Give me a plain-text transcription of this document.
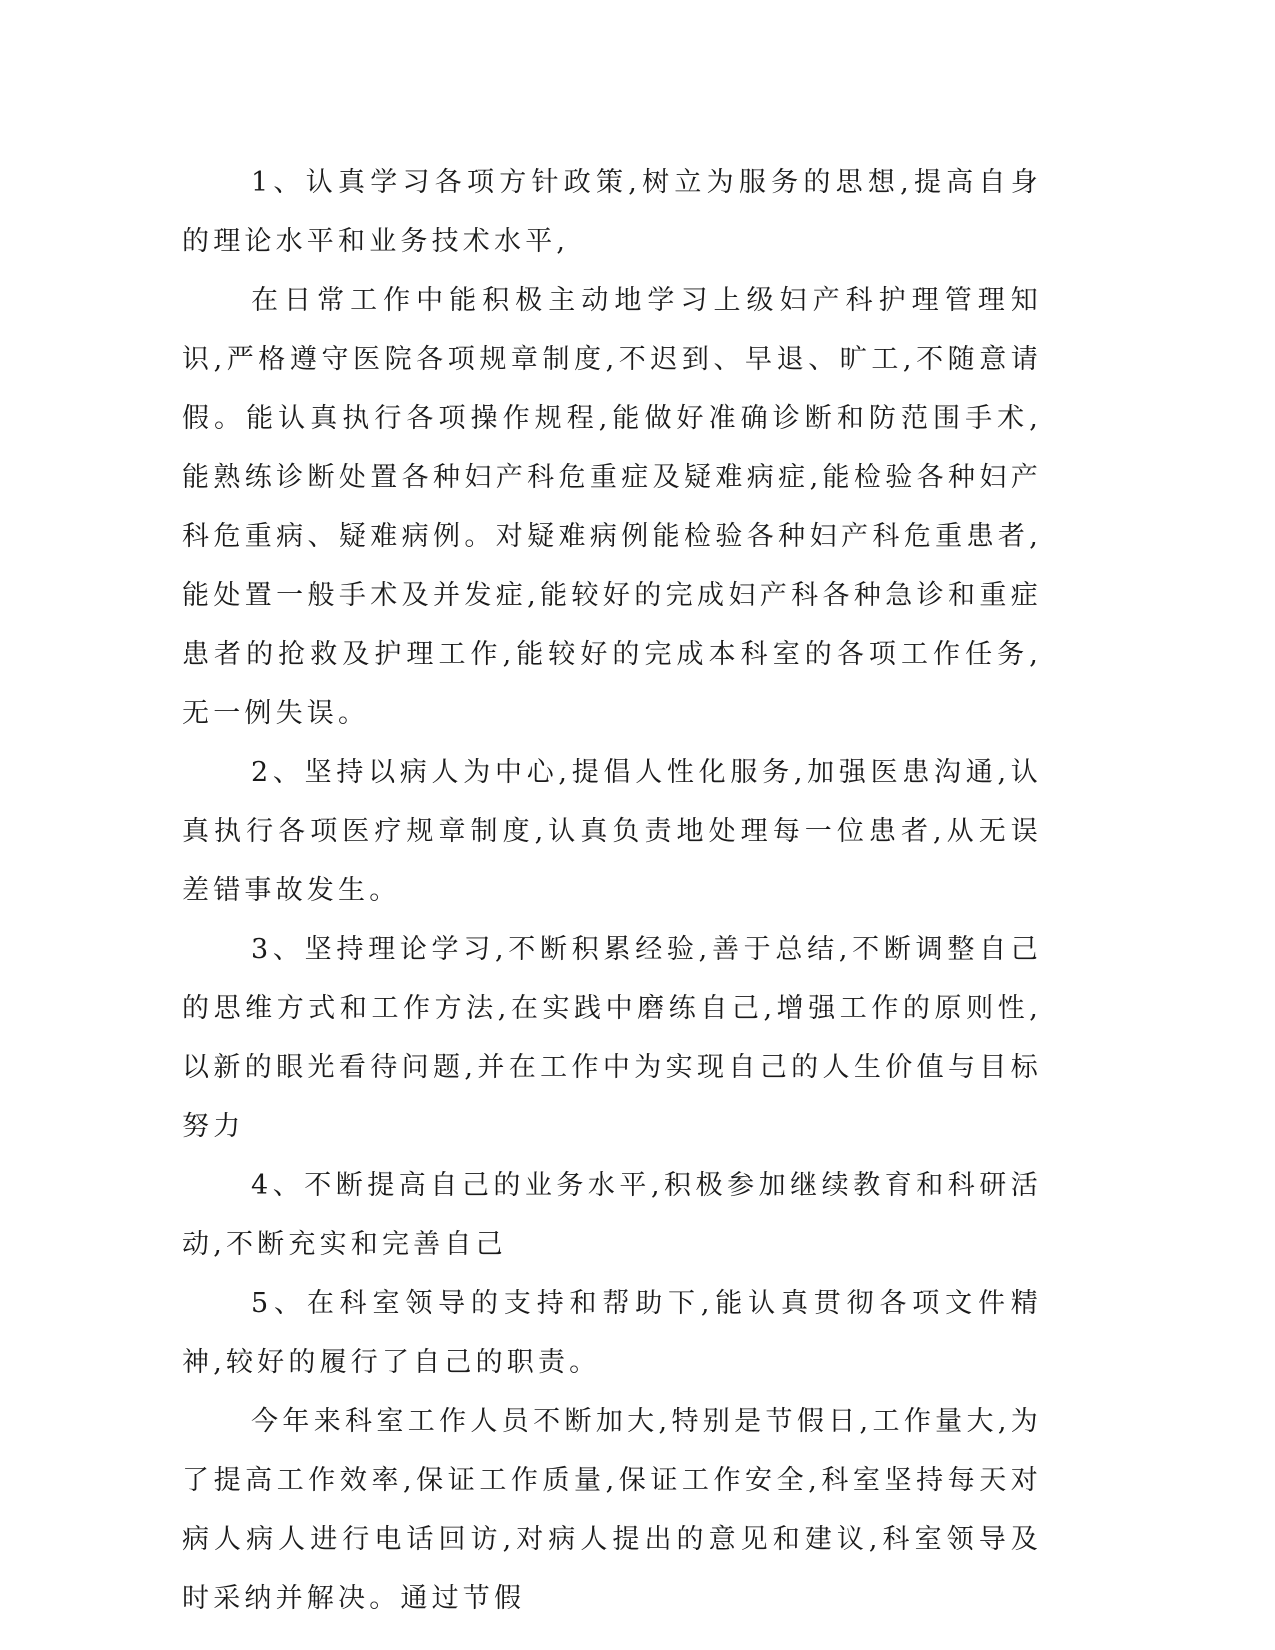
1、认真学习各项方针政策,树立为服务的思想,提高自身的理论水平和业务技术水平,

在日常工作中能积极主动地学习上级妇产科护理管理知识,严格遵守医院各项规章制度,不迟到、早退、旷工,不随意请假。能认真执行各项操作规程,能做好准确诊断和防范围手术,能熟练诊断处置各种妇产科危重症及疑难病症,能检验各种妇产科危重病、疑难病例。对疑难病例能检验各种妇产科危重患者,能处置一般手术及并发症,能较好的完成妇产科各种急诊和重症患者的抢救及护理工作,能较好的完成本科室的各项工作任务,无一例失误。

2、坚持以病人为中心,提倡人性化服务,加强医患沟通,认真执行各项医疗规章制度,认真负责地处理每一位患者,从无误差错事故发生。

3、坚持理论学习,不断积累经验,善于总结,不断调整自己的思维方式和工作方法,在实践中磨练自己,增强工作的原则性,以新的眼光看待问题,并在工作中为实现自己的人生价值与目标努力

4、不断提高自己的业务水平,积极参加继续教育和科研活动,不断充实和完善自己

5、在科室领导的支持和帮助下,能认真贯彻各项文件精神,较好的履行了自己的职责。

今年来科室工作人员不断加大,特别是节假日,工作量大,为了提高工作效率,保证工作质量,保证工作安全,科室坚持每天对病人病人进行电话回访,对病人提出的意见和建议,科室领导及时采纳并解决。通过节假
